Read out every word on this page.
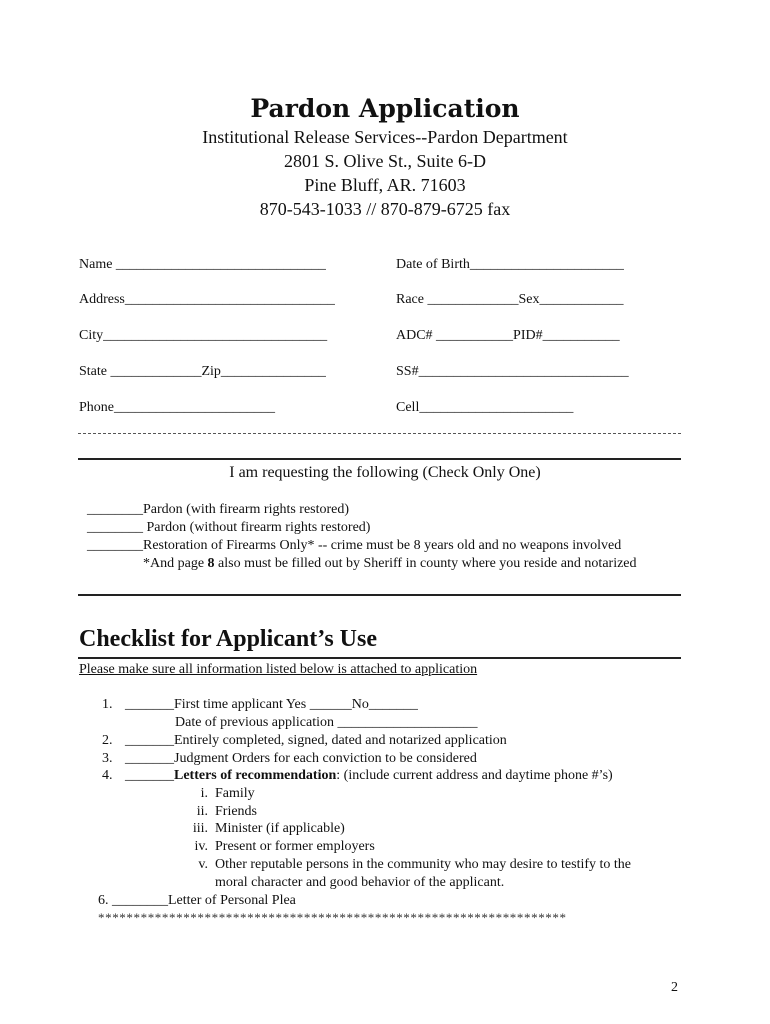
Pardon Application
Institutional Release Services--Pardon Department
2801 S. Olive St., Suite 6-D
Pine Bluff, AR. 71603
870-543-1033 // 870-879-6725 fax
Name ______________________________	Date of Birth______________________
Address______________________________	Race _____________Sex____________
City________________________________	ADC# ___________PID#___________
State _____________Zip_______________	SS#______________________________
Phone_______________________	Cell______________________
I am requesting the following (Check Only One)
________Pardon (with firearm rights restored)
________ Pardon (without firearm rights restored)
________Restoration of Firearms Only* -- crime must be 8 years old and no weapons involved
*And page 8 also must be filled out by Sheriff in county where you reside and notarized
Checklist for Applicant’s Use
Please make sure all information listed below is attached to application
1. _______First time applicant Yes ______No_______
Date of previous application ____________________
2. _______Entirely completed, signed, dated and notarized application
3. _______Judgment Orders for each conviction to be considered
4. _______Letters of recommendation: (include current address and daytime phone #’s)
i. Family
ii. Friends
iii. Minister (if applicable)
iv. Present or former employers
v. Other reputable persons in the community who may desire to testify to the
moral character and good behavior of the applicant.
6. ________Letter of Personal Plea
******************************************************************
2
